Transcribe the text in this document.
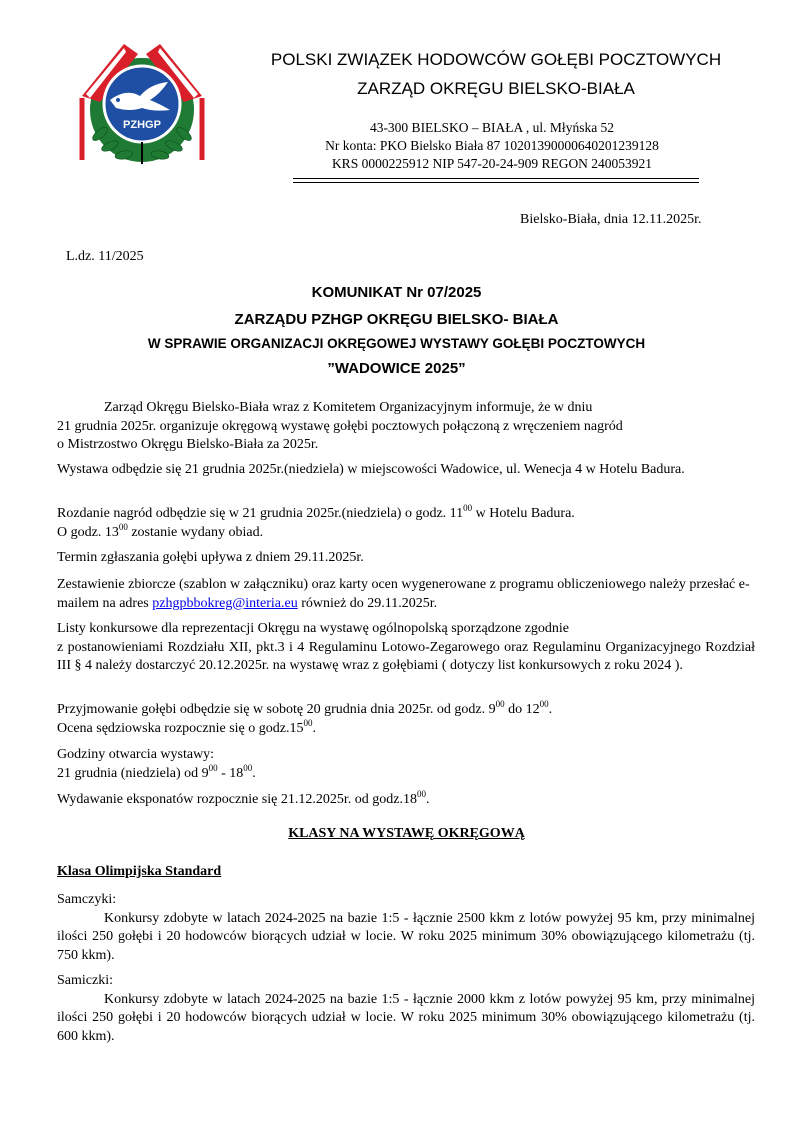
PZHGP
POLSKI ZWIĄZEK HODOWCÓW GOŁĘBI POCZTOWYCH
ZARZĄD OKRĘGU BIELSKO-BIAŁA
43-300 BIELSKO – BIAŁA , ul. Młyńska 52
Nr konta: PKO Bielsko Biała 87 10201390000640201239128
KRS 0000225912 NIP 547-20-24-909 REGON 240053921
Bielsko-Biała, dnia 12.11.2025r.
L.dz. 11/2025
KOMUNIKAT Nr 07/2025
ZARZĄDU PZHGP OKRĘGU BIELSKO- BIAŁA
W SPRAWIE ORGANIZACJI OKRĘGOWEJ WYSTAWY GOŁĘBI POCZTOWYCH
”WADOWICE 2025”
Zarząd Okręgu Bielsko-Biała wraz z Komitetem Organizacyjnym informuje, że w dniu
21 grudnia 2025r. organizuje okręgową wystawę gołębi pocztowych połączoną z wręczeniem nagród
o Mistrzostwo Okręgu Bielsko-Biała za 2025r.
Wystawa odbędzie się 21 grudnia 2025r.(niedziela) w miejscowości Wadowice, ul. Wenecja 4 w Hotelu Badura.
Rozdanie nagród odbędzie się w 21 grudnia 2025r.(niedziela) o godz. $11^{00}$ w Hotelu Badura.
O godz. $13^{00}$ zostanie wydany obiad.
Termin zgłaszania gołębi upływa z dniem 29.11.2025r.
Zestawienie zbiorcze (szablon w załączniku) oraz karty ocen wygenerowane z programu obliczeniowego należy przesłać e-mailem na adres pzhgpbbokreg@interia.eu również do 29.11.2025r.
Listy konkursowe dla reprezentacji Okręgu na wystawę ogólnopolską sporządzone zgodnie
z postanowieniami Rozdziału XII, pkt.3 i 4 Regulaminu Lotowo-Zegarowego oraz Regulaminu Organizacyjnego Rozdział III § 4 należy dostarczyć 20.12.2025r. na wystawę wraz z gołębiami ( dotyczy list konkursowych z roku 2024 ).
Przyjmowanie gołębi odbędzie się w sobotę 20 grudnia dnia 2025r. od godz. $9^{00}$ do $12^{00}$.
Ocena sędziowska rozpocznie się o $godz.15^{00}$.
Godziny otwarcia wystawy:
21 grudnia (niedziela) od $9^{00} - 18^{00}$.
Wydawanie eksponatów rozpocznie się 21.12.2025r. od $godz.18^{00}$.
KLASY NA WYSTAWĘ OKRĘGOWĄ
Klasa Olimpijska Standard
Samczyki:
Konkursy zdobyte w latach 2024-2025 na bazie 1:5 - łącznie 2500 kkm z lotów powyżej 95 km, przy minimalnej ilości 250 gołębi i 20 hodowców biorących udział w locie. W roku 2025 minimum 30% obowiązującego kilometrażu (tj. 750 kkm).
Samiczki:
Konkursy zdobyte w latach 2024-2025 na bazie 1:5 - łącznie 2000 kkm z lotów powyżej 95 km, przy minimalnej ilości 250 gołębi i 20 hodowców biorących udział w locie. W roku 2025 minimum 30% obowiązującego kilometrażu (tj. 600 kkm).
